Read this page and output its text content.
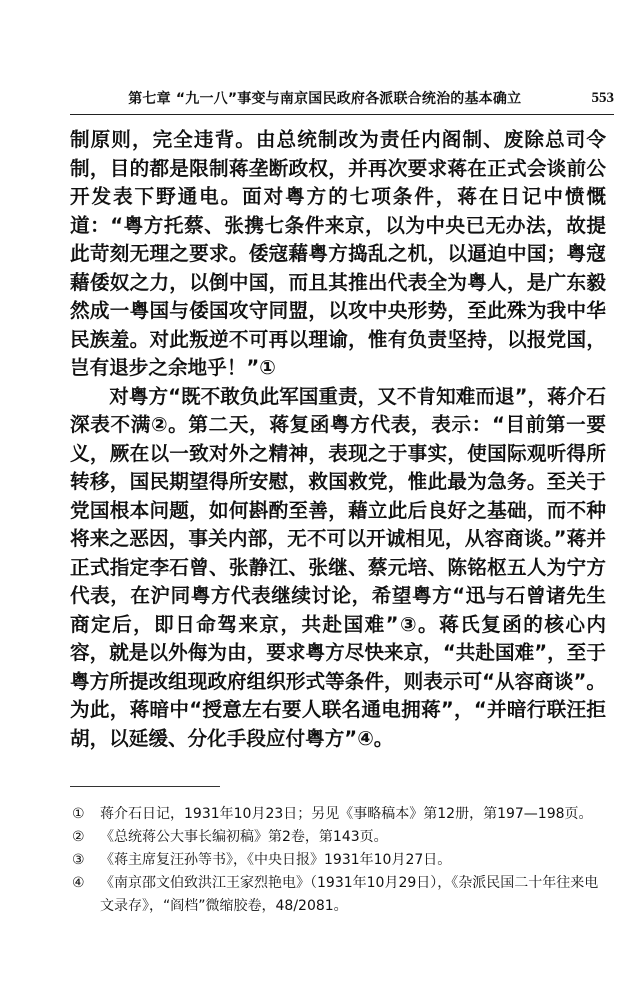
第七章 “九一八”事变与南京国民政府各派联合统治的基本确立	553

制原则，完全违背。由总统制改为责任内阁制、废除总司令制，目的都是限制蒋垄断政权，并再次要求蒋在正式会谈前公开发表下野通电。面对粤方的七项条件，蒋在日记中愤慨道：“粤方托蔡、张携七条件来京，以为中央已无办法，故提此苛刻无理之要求。倭寇藉粤方捣乱之机，以逼迫中国；粤寇藉倭奴之力，以倒中国，而且其推出代表全为粤人，是广东毅然成一粤国与倭国攻守同盟，以攻中央形势，至此殊为我中华民族羞。对此叛逆不可再以理谕，惟有负责坚持，以报党国，岂有退步之余地乎！”①

对粤方“既不敢负此军国重责，又不肯知难而退”，蒋介石深表不满②。第二天，蒋复函粤方代表，表示：“目前第一要义，厥在以一致对外之精神，表现之于事实，使国际观听得所转移，国民期望得所安慰，救国救党，惟此最为急务。至关于党国根本问题，如何斟酌至善，藉立此后良好之基础，而不种将来之恶因，事关内部，无不可以开诚相见，从容商谈。”蒋并正式指定李石曾、张静江、张继、蔡元培、陈铭枢五人为宁方代表，在沪同粤方代表继续讨论，希望粤方“迅与石曾诸先生商定后，即日命驾来京，共赴国难”③。蒋氏复函的核心内容，就是以外侮为由，要求粤方尽快来京，“共赴国难”，至于粤方所提改组现政府组织形式等条件，则表示可“从容商谈”。为此，蒋暗中“授意左右要人联名通电拥蒋”，“并暗行联汪拒胡，以延缓、分化手段应付粤方”④。

① 蒋介石日记，1931年10月23日；另见《事略稿本》第12册，第197—198页。

② 《总统蒋公大事长编初稿》第2卷，第143页。

③ 《蒋主席复汪孙等书》，《中央日报》1931年10月27日。

④ 《南京邵文伯致洪江王家烈艳电》（1931年10月29日），《杂派民国二十年往来电文录存》，“阎档”微缩胶卷，48/2081。
